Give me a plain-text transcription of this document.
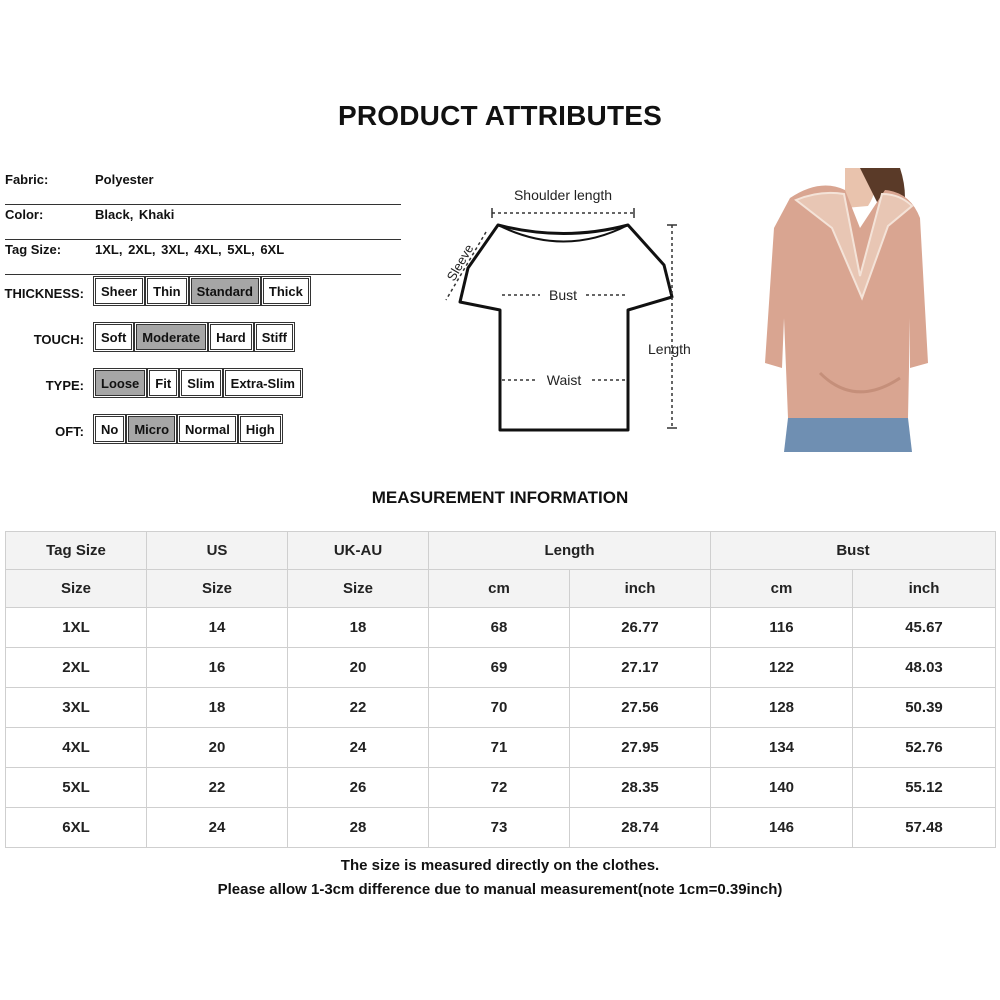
PRODUCT ATTRIBUTES
Fabric:	Polyester
Color:	Black, Khaki
Tag Size:	1XL, 2XL, 3XL, 4XL, 5XL, 6XL
THICKNESS:	Sheer	Thin	Standard	Thick
TOUCH:	Soft	Moderate	Hard	Stiff
TYPE:	Loose	Fit	Slim	Extra-Slim
OFT:	No	Micro	Normal	High
Shoulder length
Sleeve
Bust
Waist
Length
MEASUREMENT INFORMATION
Tag Size	US	UK-AU	Length		Bust	
Size	Size	Size	cm	inch	cm	inch
1XL	14	18	68	26.77	116	45.67
2XL	16	20	69	27.17	122	48.03
3XL	18	22	70	27.56	128	50.39
4XL	20	24	71	27.95	134	52.76
5XL	22	26	72	28.35	140	55.12
6XL	24	28	73	28.74	146	57.48
The size is measured directly on the clothes.
Please allow 1-3cm difference due to manual measurement(note 1cm=0.39inch)
